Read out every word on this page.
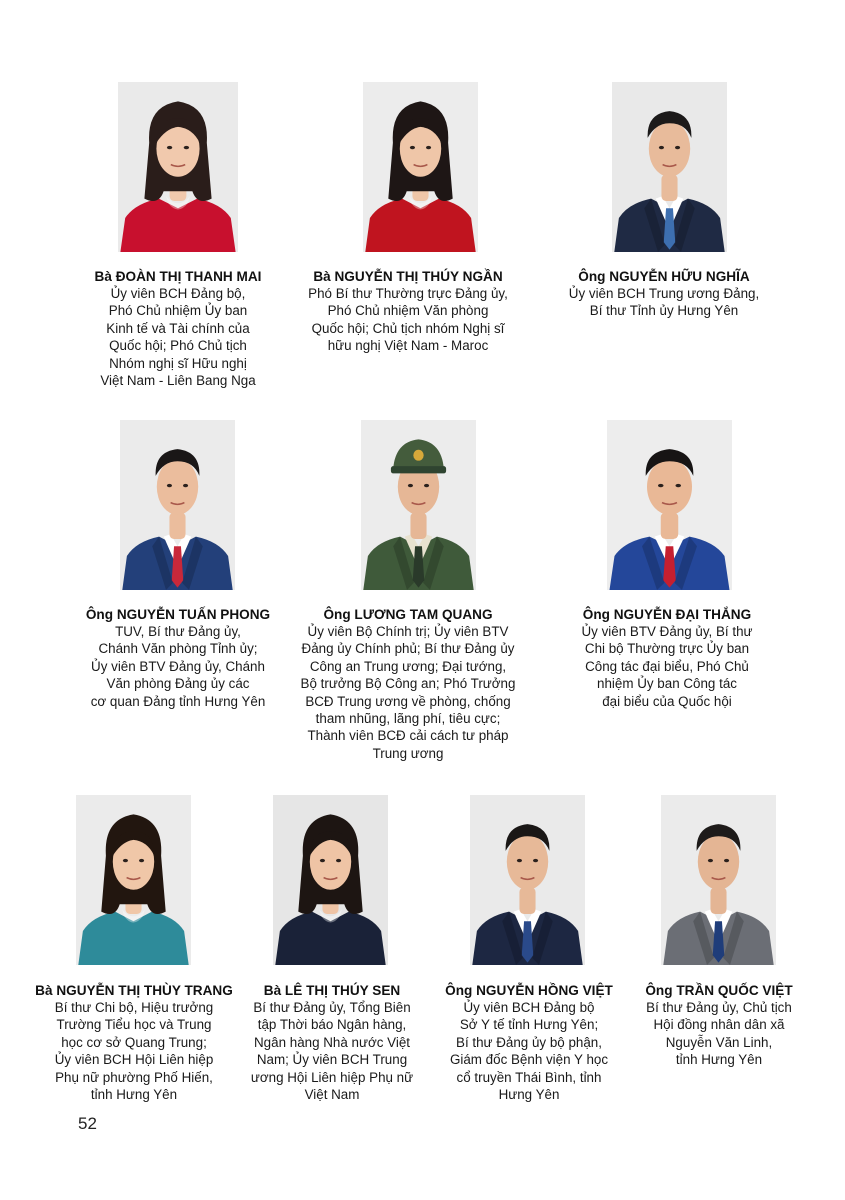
Bà ĐOÀN THỊ THANH MAI
Ủy viên BCH Đảng bộ,
Phó Chủ nhiệm Ủy ban
Kinh tế và Tài chính của
Quốc hội; Phó Chủ tịch
Nhóm nghị sĩ Hữu nghị
Việt Nam - Liên Bang Nga
Bà NGUYỄN THỊ THÚY NGẦN
Phó Bí thư Thường trực Đảng ủy,
Phó Chủ nhiệm Văn phòng
Quốc hội; Chủ tịch nhóm Nghị sĩ
hữu nghị Việt Nam - Maroc
Ông NGUYỄN HỮU NGHĨA
Ủy viên BCH Trung ương Đảng,
Bí thư Tỉnh ủy Hưng Yên
Ông NGUYỄN TUẤN PHONG
TUV, Bí thư Đảng ủy,
Chánh Văn phòng Tỉnh ủy;
Ủy viên BTV Đảng ủy, Chánh
Văn phòng Đảng ủy các
cơ quan Đảng tỉnh Hưng Yên
Ông LƯƠNG TAM QUANG
Ủy viên Bộ Chính trị; Ủy viên BTV
Đảng ủy Chính phủ; Bí thư Đảng ủy
Công an Trung ương; Đại tướng,
Bộ trưởng Bộ Công an; Phó Trưởng
BCĐ Trung ương về phòng, chống
tham nhũng, lãng phí, tiêu cực;
Thành viên BCĐ cải cách tư pháp
Trung ương
Ông NGUYỄN ĐẠI THẮNG
Ủy viên BTV Đảng ủy, Bí thư
Chi bộ Thường trực Ủy ban
Công tác đại biểu, Phó Chủ
nhiệm Ủy ban Công tác
đại biểu của Quốc hội
Bà NGUYỄN THỊ THÙY TRANG
Bí thư Chi bộ, Hiệu trưởng
Trường Tiểu học và Trung
học cơ sở Quang Trung;
Ủy viên BCH Hội Liên hiệp
Phụ nữ phường Phố Hiến,
tỉnh Hưng Yên
Bà LÊ THỊ THÚY SEN
Bí thư Đảng ủy, Tổng Biên
tập Thời báo Ngân hàng,
Ngân hàng Nhà nước Việt
Nam; Ủy viên BCH Trung
ương Hội Liên hiệp Phụ nữ
Việt Nam
Ông NGUYỄN HỒNG VIỆT
Ủy viên BCH Đảng bộ
Sở Y tế tỉnh Hưng Yên;
Bí thư Đảng ủy bộ phận,
Giám đốc Bệnh viện Y học
cổ truyền Thái Bình, tỉnh
Hưng Yên
Ông TRẦN QUỐC VIỆT
Bí thư Đảng ủy, Chủ tịch
Hội đồng nhân dân xã
Nguyễn Văn Linh,
tỉnh Hưng Yên
52
